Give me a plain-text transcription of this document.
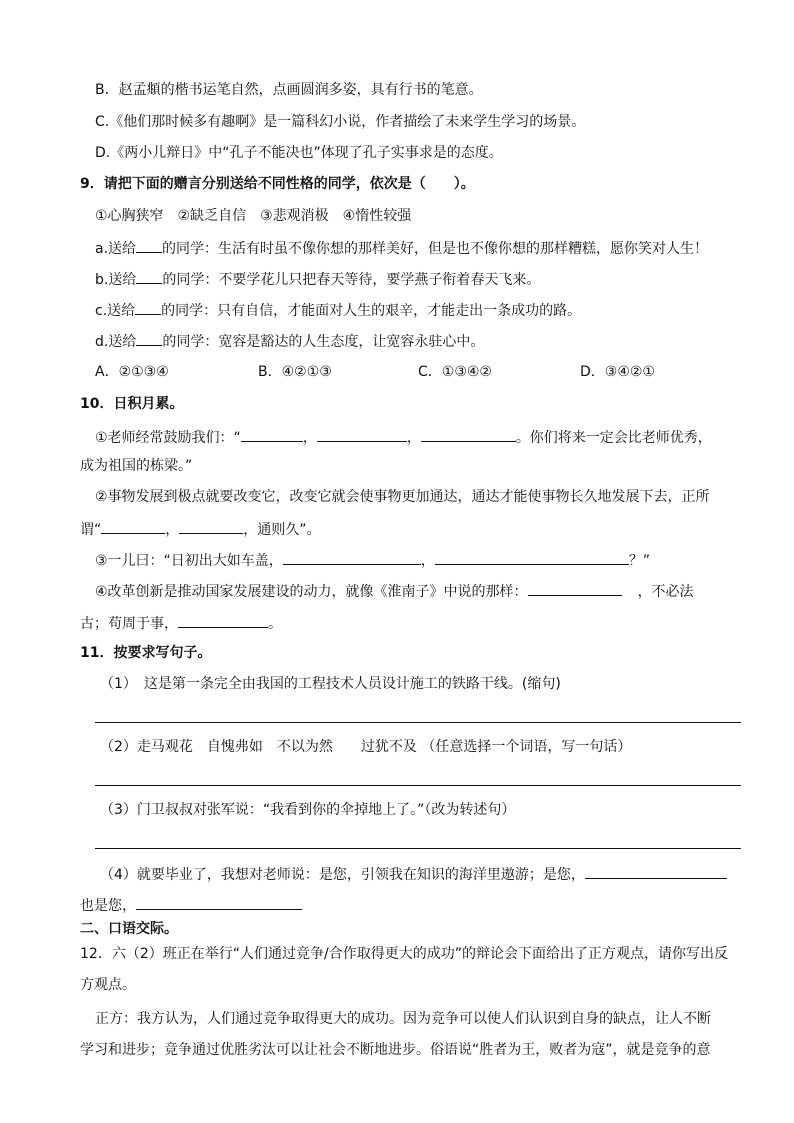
B．赵孟頫的楷书运笔自然，点画圆润多姿，具有行书的笔意。
C.《他们那时候多有趣啊》是一篇科幻小说，作者描绘了未来学生学习的场景。
D.《两小儿辩日》中“孔子不能决也”体现了孔子实事求是的态度。
9．请把下面的赠言分别送给不同性格的同学，依次是（　　）。
①心胸狭窄　②缺乏自信　③悲观消极　④惰性较强
a.送给 的同学：生活有时虽不像你想的那样美好，但是也不像你想的那样糟糕，愿你笑对人生！
b.送给 的同学：不要学花儿只把春天等待，要学燕子衔着春天飞来。
c.送给 的同学：只有自信，才能面对人生的艰辛，才能走出一条成功的路。
d.送给 的同学：宽容是豁达的人生态度，让宽容永驻心中。
A．②①③④	B．④②①③	C．①③④②	D．③④②①
10．日积月累。
①老师经常鼓励我们：“	，	，	。你们将来一定会比老师优秀，
成为祖国的栋梁。”
②事物发展到极点就要改变它，改变它就会使事物更加通达，通达才能使事物长久地发展下去，正所
谓“	，	，通则久”。
③一儿曰：“日初出大如车盖，	，	？”
④改革创新是推动国家发展建设的动力，就像《淮南子》中说的那样：	，不必法
古；苟周于事，	。
11．按要求写句子。
（1）　这是第一条完全由我国的工程技术人员设计施工的铁路干线。(缩句)
（2）走马观花　自愧弗如　不以为然　　过犹不及 （任意选择一个词语，写一句话）
（3）门卫叔叔对张军说：“我看到你的伞掉地上了。”（改为转述句）
（4）就要毕业了，我想对老师说：是您，引领我在知识的海洋里遨游；是您，
也是您，
二、口语交际。
12．六（2）班正在举行“人们通过竞争/合作取得更大的成功”的辩论会下面给出了正方观点，请你写出反
方观点。
正方：我方认为，人们通过竞争取得更大的成功。因为竞争可以使人们认识到自身的缺点，让人不断
学习和进步；竞争通过优胜劣汰可以让社会不断地进步。俗语说“胜者为王，败者为寇”，就是竞争的意
